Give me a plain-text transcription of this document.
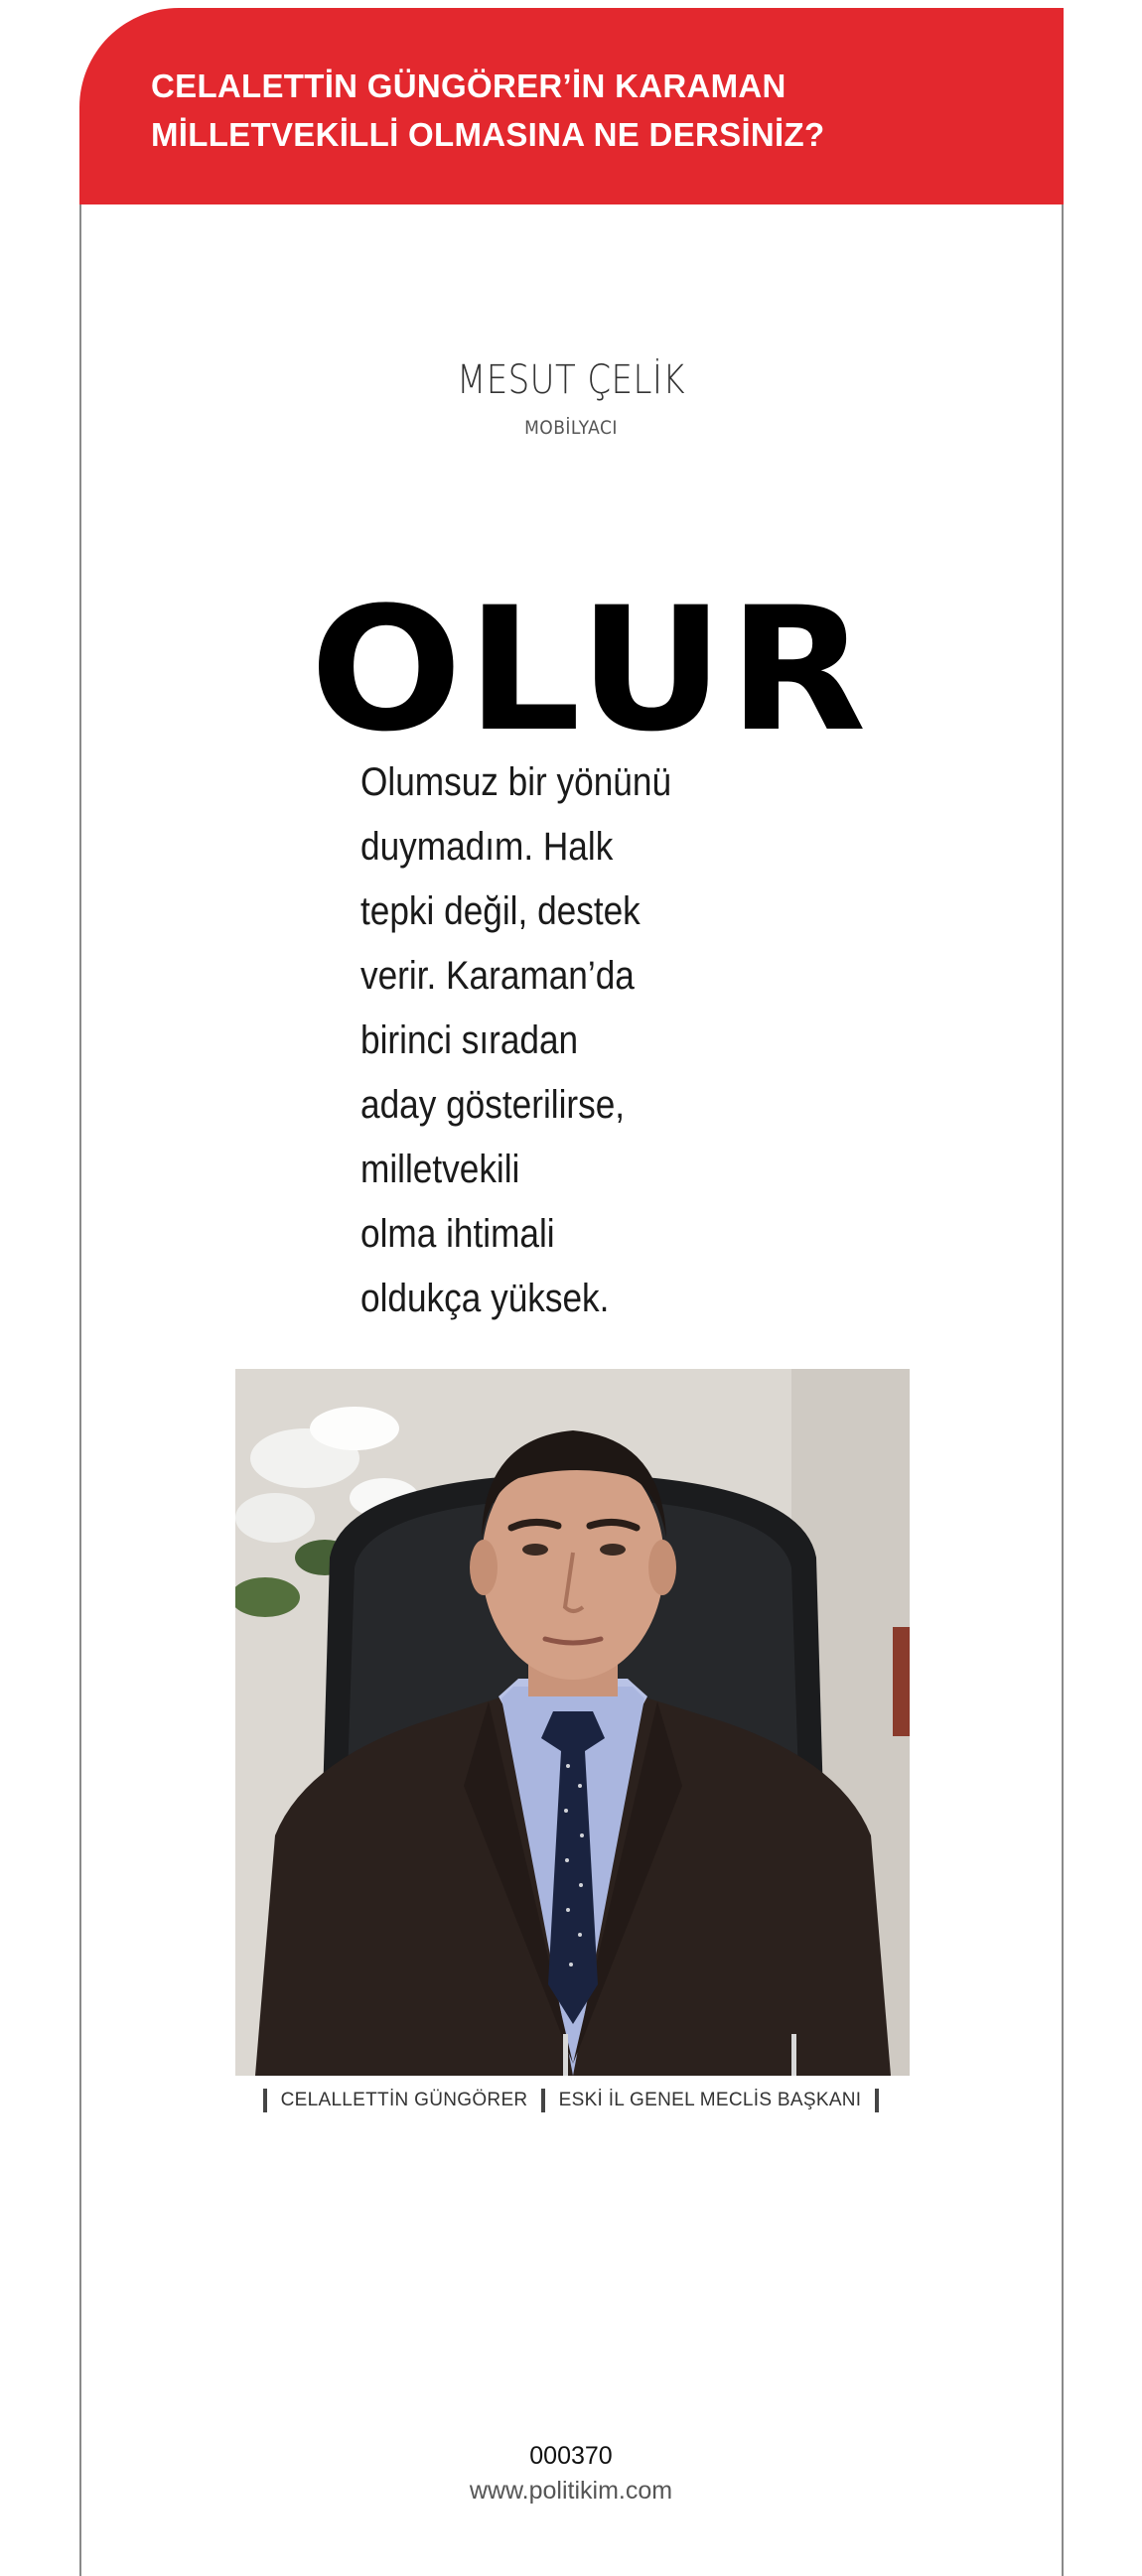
CELALETTİN GÜNGÖRER’İN KARAMAN
MİLLETVEKİLLİ OLMASINA NE DERSİNİZ?
MESUT ÇELİK
MOBİLYACI
OLUR
Olumsuz bir yönünü
duymadım. Halk
tepki değil, destek
verir. Karaman’da
birinci sıradan
aday gösterilirse,
milletvekili
olma ihtimali
oldukça yüksek.
CELALLETTİN GÜNGÖRER ESKİ İL GENEL MECLİS BAŞKANI
000370
www.politikim.com
